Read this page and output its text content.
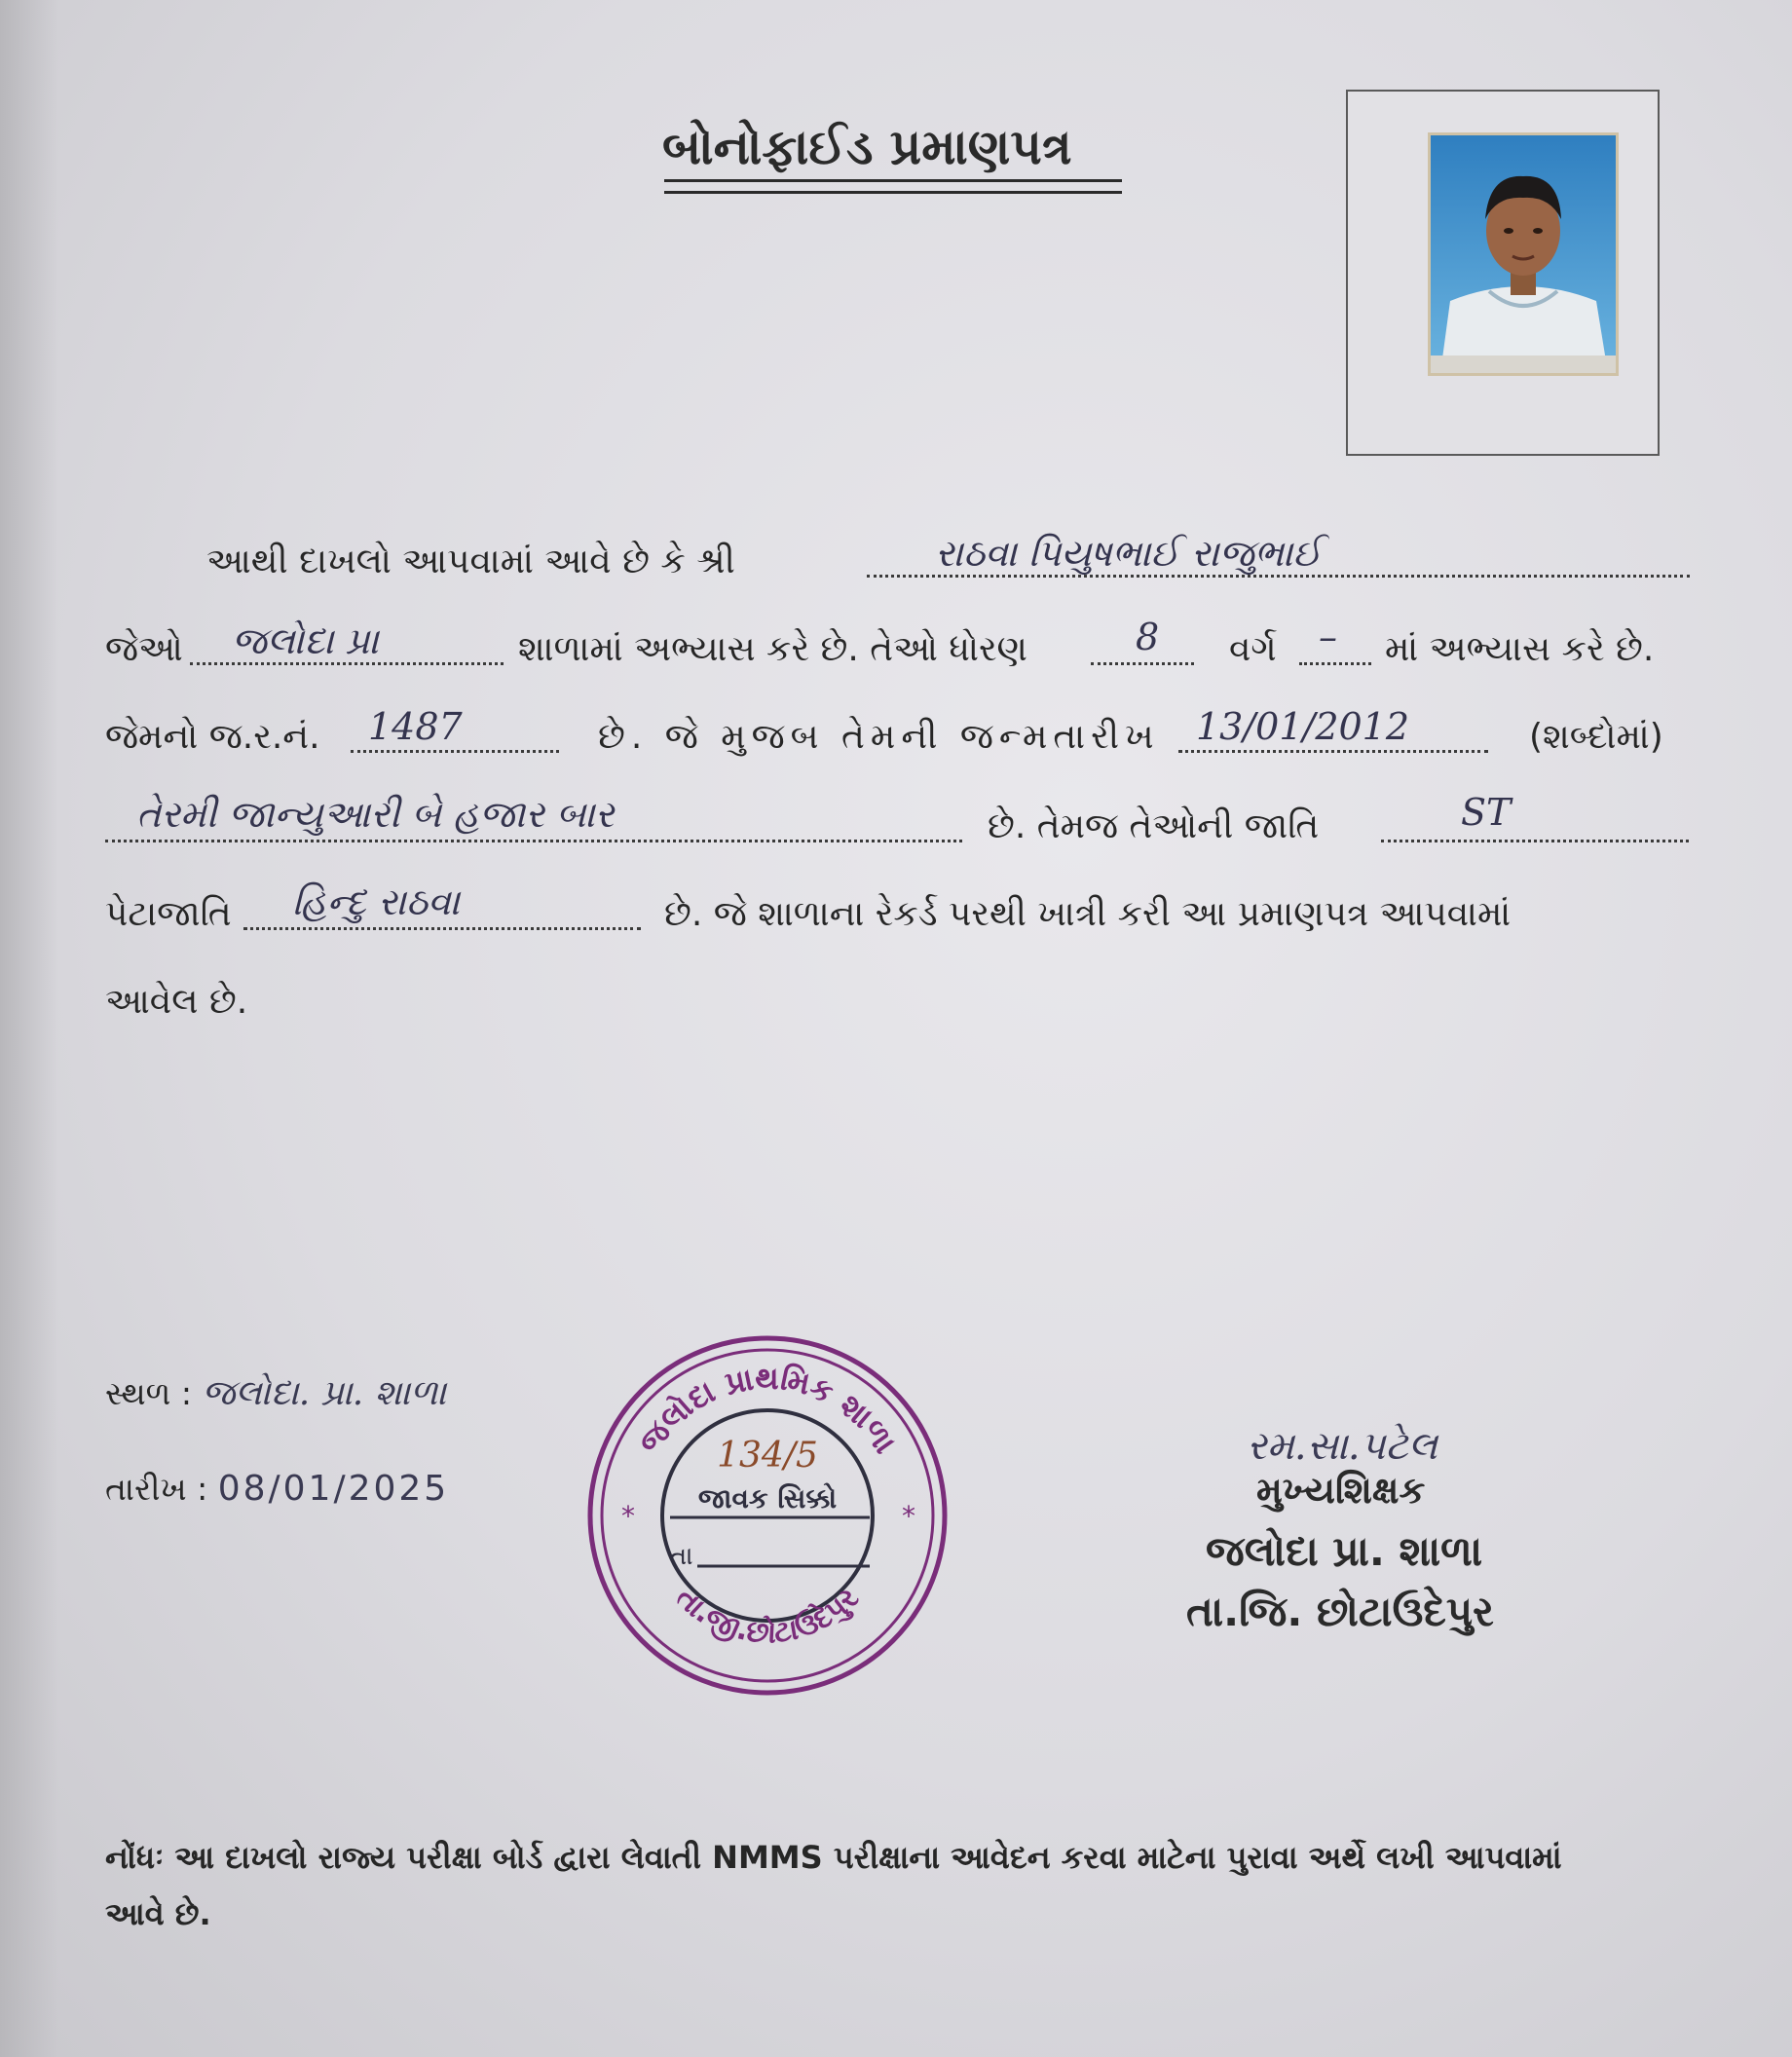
બોનોફાઈડ પ્રમાણપત્ર
આથી દાખલો આપવામાં આવે છે કે શ્રી	રાઠવા પિયુષભાઈ રાજુભાઈ
જેઓ	જલોદા પ્રા	શાળામાં અભ્યાસ કરે છે. તેઓ ધોરણ	8 વર્ગ – માં અભ્યાસ કરે છે.
જેમનો જ.ર.નં.	1487	છે. જે મુજબ તેમની જન્મતારીખ 13/01/2012	(શબ્દોમાં)
તેરમી જાન્યુઆરી બે હજાર બાર	છે. તેમજ તેઓની જાતિ	ST
પેટાજાતિ	હિન્દુ રાઠવા	છે. જે શાળાના રેકર્ડ પરથી ખાત્રી કરી આ પ્રમાણપત્ર આપવામાં
આવેલ છે.
સ્થળ : જલોદા. પ્રા. શાળા
તારીખ : 08/01/2025
જલોદા પ્રાથમિક શાળા
તા.જી.છોટાઉદેપુર
134/5
જાવક સિક્કો
તા
*	*
રમ.સા.પટેલ
મુખ્યશિક્ષક
જલોદા પ્રા. શાળા
તા.જિ. છોટાઉદેપુર
નોંધઃ આ દાખલો રાજ્ય પરીક્ષા બોર્ડ દ્વારા લેવાતી NMMS પરીક્ષાના આવેદન કરવા માટેના પુરાવા અર્થે લખી આપવામાં આવે છે.
